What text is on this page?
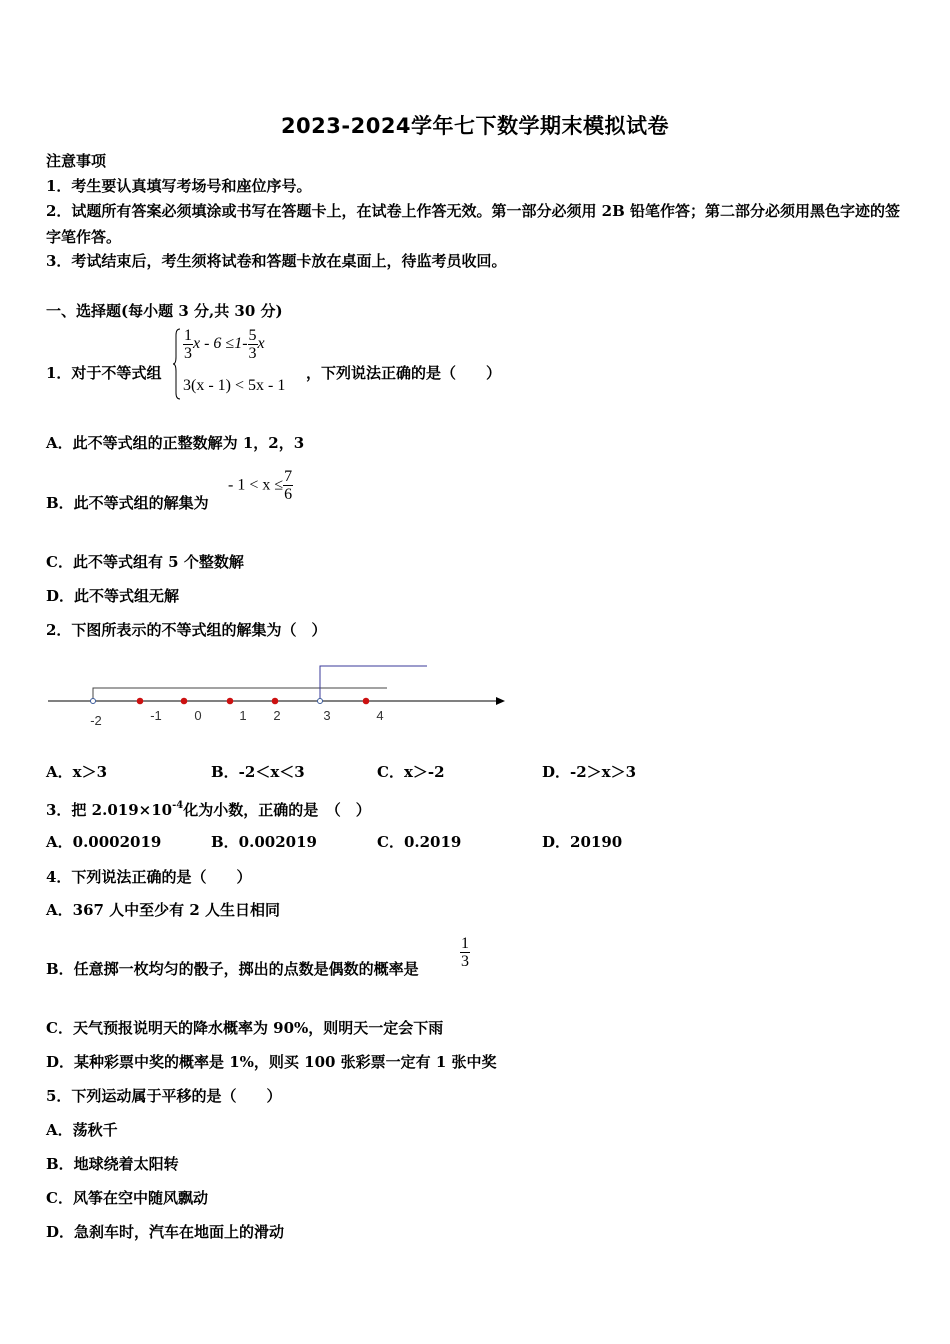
2023-2024学年七下数学期末模拟试卷
注意事项
1．考生要认真填写考场号和座位序号。
2．试题所有答案必须填涂或书写在答题卡上，在试卷上作答无效。第一部分必须用 2B 铅笔作答；第二部分必须用黑色字迹的签字笔作答。
3．考试结束后，考生须将试卷和答题卡放在桌面上，待监考员收回。
一、选择题(每小题 3 分,共 30 分)
1．对于不等式组
$\frac{1}{3}$ $x - 6 \le 1- \frac{5}{3}$ x
3(x - 1) < 5x - 1
，下列说法正确的是（　　）
A．此不等式组的正整数解为 1，2，3
B．此不等式组的解集为
- $1 < x \le \frac{7}{6}$
C．此不等式组有 5 个整数解
D．此不等式组无解
2．下图所表示的不等式组的解集为（　）
-2	-1	0	1 2	3	4
A．x＞3	B．-2＜x＜3	C．x＞-2	D．-2＞x＞3
3．把 $2.019\times 10^{-4}$化为小数，正确的是　（　）
A．0.0002019	B．0.002019	C．0.2019	D．20190
4．下列说法正确的是（　　）
A．367 人中至少有 2 人生日相同
B．任意掷一枚均匀的骰子，掷出的点数是偶数的概率是	$\frac{1}{3}$
C．天气预报说明天的降水概率为 90%，则明天一定会下雨
D．某种彩票中奖的概率是 1%，则买 100 张彩票一定有 1 张中奖
5．下列运动属于平移的是（　　）
A．荡秋千
B．地球绕着太阳转
C．风筝在空中随风飘动
D．急刹车时，汽车在地面上的滑动
